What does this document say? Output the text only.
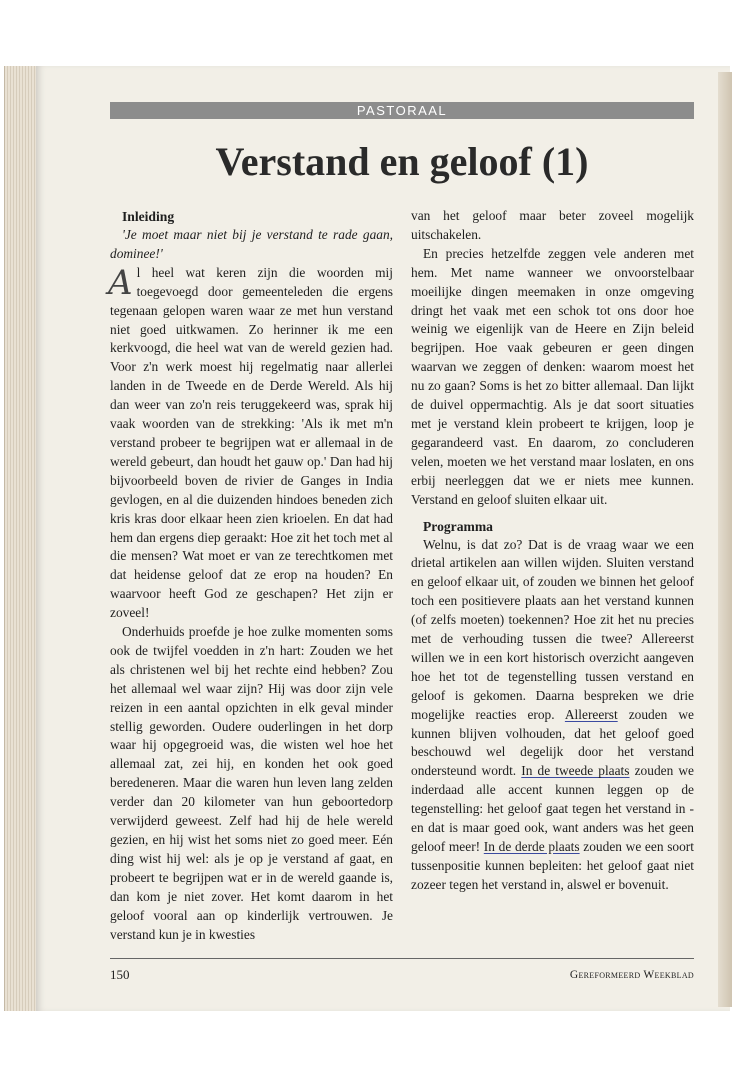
PASTORAAL
Verstand en geloof (1)

Inleiding

'Je moet maar niet bij je verstand te rade gaan, dominee!'

Al heel wat keren zijn die woorden mij toegevoegd door gemeenteleden die ergens tegenaan gelopen waren waar ze met hun verstand niet goed uitkwamen. Zo herinner ik me een kerkvoogd, die heel wat van de wereld gezien had. Voor z'n werk moest hij regelmatig naar allerlei landen in de Tweede en de Derde Wereld. Als hij dan weer van zo'n reis teruggekeerd was, sprak hij vaak woorden van de strekking: 'Als ik met m'n verstand probeer te begrijpen wat er allemaal in de wereld gebeurt, dan houdt het gauw op.' Dan had hij bijvoorbeeld boven de rivier de Ganges in India gevlogen, en al die duizenden hindoes beneden zich kris kras door elkaar heen zien krioelen. En dat had hem dan ergens diep geraakt: Hoe zit het toch met al die mensen? Wat moet er van ze terechtkomen met dat heidense geloof dat ze erop na houden? En waarvoor heeft God ze geschapen? Het zijn er zoveel!

Onderhuids proefde je hoe zulke momenten soms ook de twijfel voedden in z'n hart: Zouden we het als christenen wel bij het rechte eind hebben? Zou het allemaal wel waar zijn? Hij was door zijn vele reizen in een aantal opzichten in elk geval minder stellig geworden. Oudere ouderlingen in het dorp waar hij opgegroeid was, die wisten wel hoe het allemaal zat, zei hij, en konden het ook goed beredeneren. Maar die waren hun leven lang zelden verder dan 20 kilometer van hun geboortedorp verwijderd geweest. Zelf had hij de hele wereld gezien, en hij wist het soms niet zo goed meer. Eén ding wist hij wel: als je op je verstand af gaat, en probeert te begrijpen wat er in de wereld gaande is, dan kom je niet zover. Het komt daarom in het geloof vooral aan op kinderlijk vertrouwen. Je verstand kun je in kwesties

van het geloof maar beter zoveel mogelijk uitschakelen.

En precies hetzelfde zeggen vele anderen met hem. Met name wanneer we onvoorstelbaar moeilijke dingen meemaken in onze omgeving dringt het vaak met een schok tot ons door hoe weinig we eigenlijk van de Heere en Zijn beleid begrijpen. Hoe vaak gebeuren er geen dingen waarvan we zeggen of denken: waarom moest het nu zo gaan? Soms is het zo bitter allemaal. Dan lijkt de duivel oppermachtig. Als je dat soort situaties met je verstand klein probeert te krijgen, loop je gegarandeerd vast. En daarom, zo concluderen velen, moeten we het verstand maar loslaten, en ons erbij neerleggen dat we er niets mee kunnen. Verstand en geloof sluiten elkaar uit.

Programma

Welnu, is dat zo? Dat is de vraag waar we een drietal artikelen aan willen wijden. Sluiten verstand en geloof elkaar uit, of zouden we binnen het geloof toch een positievere plaats aan het verstand kunnen (of zelfs moeten) toekennen? Hoe zit het nu precies met de verhouding tussen die twee? Allereerst willen we in een kort historisch overzicht aangeven hoe het tot de tegenstelling tussen verstand en geloof is gekomen. Daarna bespreken we drie mogelijke reacties erop. Allereerst zouden we kunnen blijven volhouden, dat het geloof goed beschouwd wel degelijk door het verstand ondersteund wordt. In de tweede plaats zouden we inderdaad alle accent kunnen leggen op de tegenstelling: het geloof gaat tegen het verstand in - en dat is maar goed ook, want anders was het geen geloof meer! In de derde plaats zouden we een soort tussenpositie kunnen bepleiten: het geloof gaat niet zozeer tegen het verstand in, alswel er bovenuit.

150	Gereformeerd Weekblad
